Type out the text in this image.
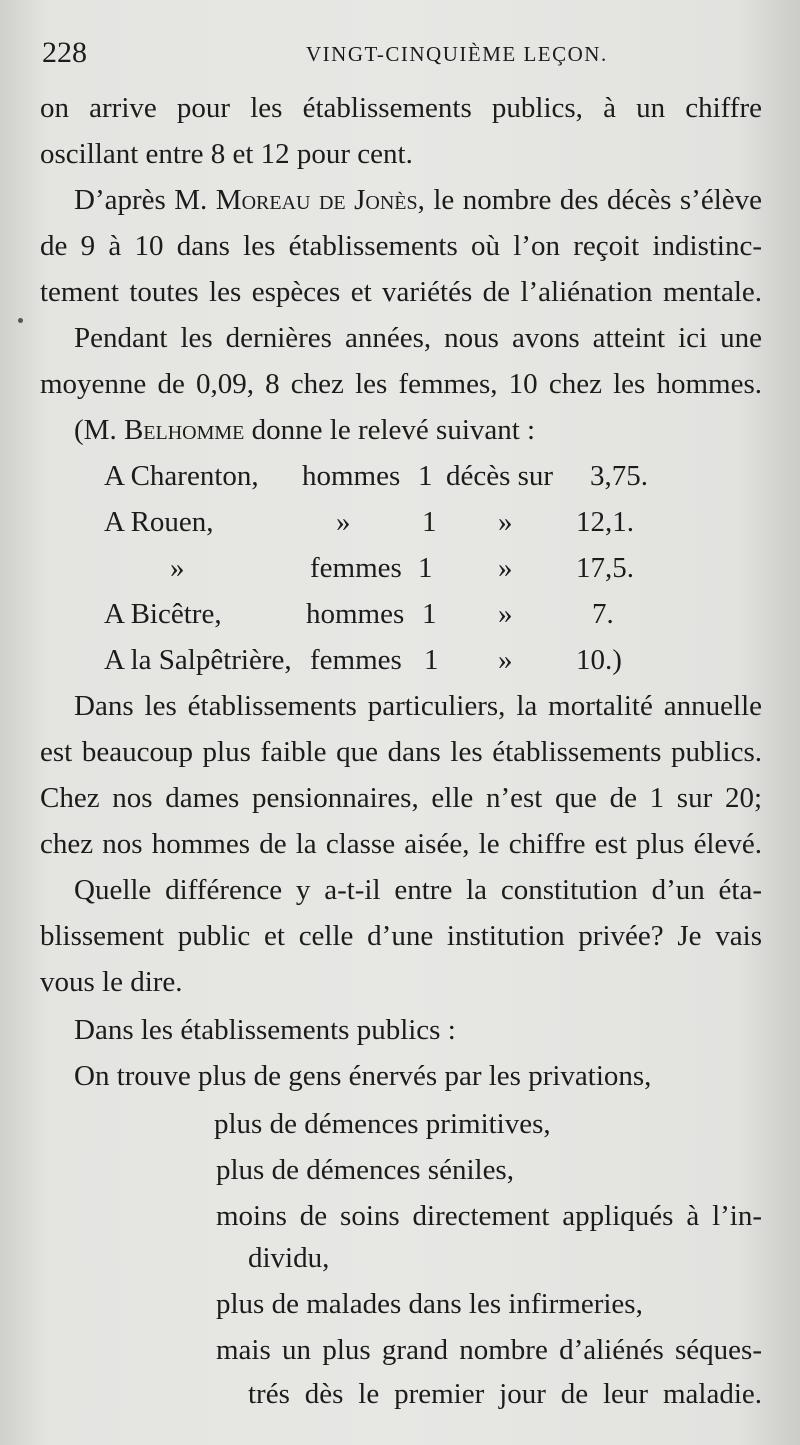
228	VINGT-CINQUIÈME LEÇON.
on arrive pour les établissements publics, à un chiffre
oscillant entre 8 et 12 pour cent.
D’après M. Moreau de Jonès, le nombre des décès s’élève
de 9 à 10 dans les établissements où l’on reçoit indistinc-
tement toutes les espèces et variétés de l’aliénation mentale.
Pendant les dernières années, nous avons atteint ici une
moyenne de 0,09, 8 chez les femmes, 10 chez les hommes.
(M. Belhomme donne le relevé suivant :
A Charenton, hommes 1 décès sur 3,75.
A Rouen,	» 1 » 12,1.
»	femmes 1 » 17,5.
A Bicêtre,	hommes 1 »	7.
A la Salpêtrière, femmes 1 » 10.)
Dans les établissements particuliers, la mortalité annuelle
est beaucoup plus faible que dans les établissements publics.
Chez nos dames pensionnaires, elle n’est que de 1 sur 20;
chez nos hommes de la classe aisée, le chiffre est plus élevé.
Quelle différence y a-t-il entre la constitution d’un éta-
blissement public et celle d’une institution privée? Je vais
vous le dire.
Dans les établissements publics :
On trouve plus de gens énervés par les privations,
plus de démences primitives,
plus de démences séniles,
moins de soins directement appliqués à l’in-
dividu,
plus de malades dans les infirmeries,
mais un plus grand nombre d’aliénés séques-
trés dès le premier jour de leur maladie.
